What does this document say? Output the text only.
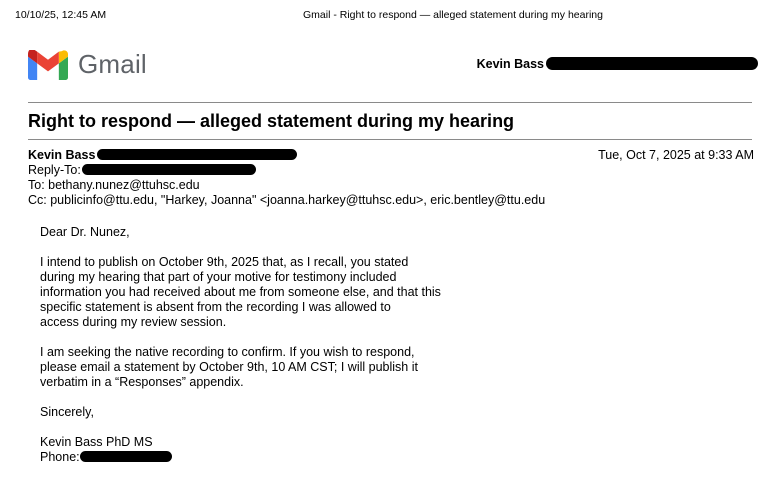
10/10/25, 12:45 AM	Gmail - Right to respond — alleged statement during my hearing
Gmail	Kevin Bass
Right to respond — alleged statement during my hearing
Kevin Bass	Tue, Oct 7, 2025 at 9:33 AM
Reply-To:
To: bethany.nunez@ttuhsc.edu
Cc: publicinfo@ttu.edu, "Harkey, Joanna" <joanna.harkey@ttuhsc.edu>, eric.bentley@ttu.edu

Dear Dr. Nunez,

I intend to publish on October 9th, 2025 that, as I recall, you stated
during my hearing that part of your motive for testimony included
information you had received about me from someone else, and that this
specific statement is absent from the recording I was allowed to
access during my review session.

I am seeking the native recording to confirm. If you wish to respond,
please email a statement by October 9th, 10 AM CST; I will publish it
verbatim in a “Responses” appendix.

Sincerely,

Kevin Bass PhD MS
Phone:
